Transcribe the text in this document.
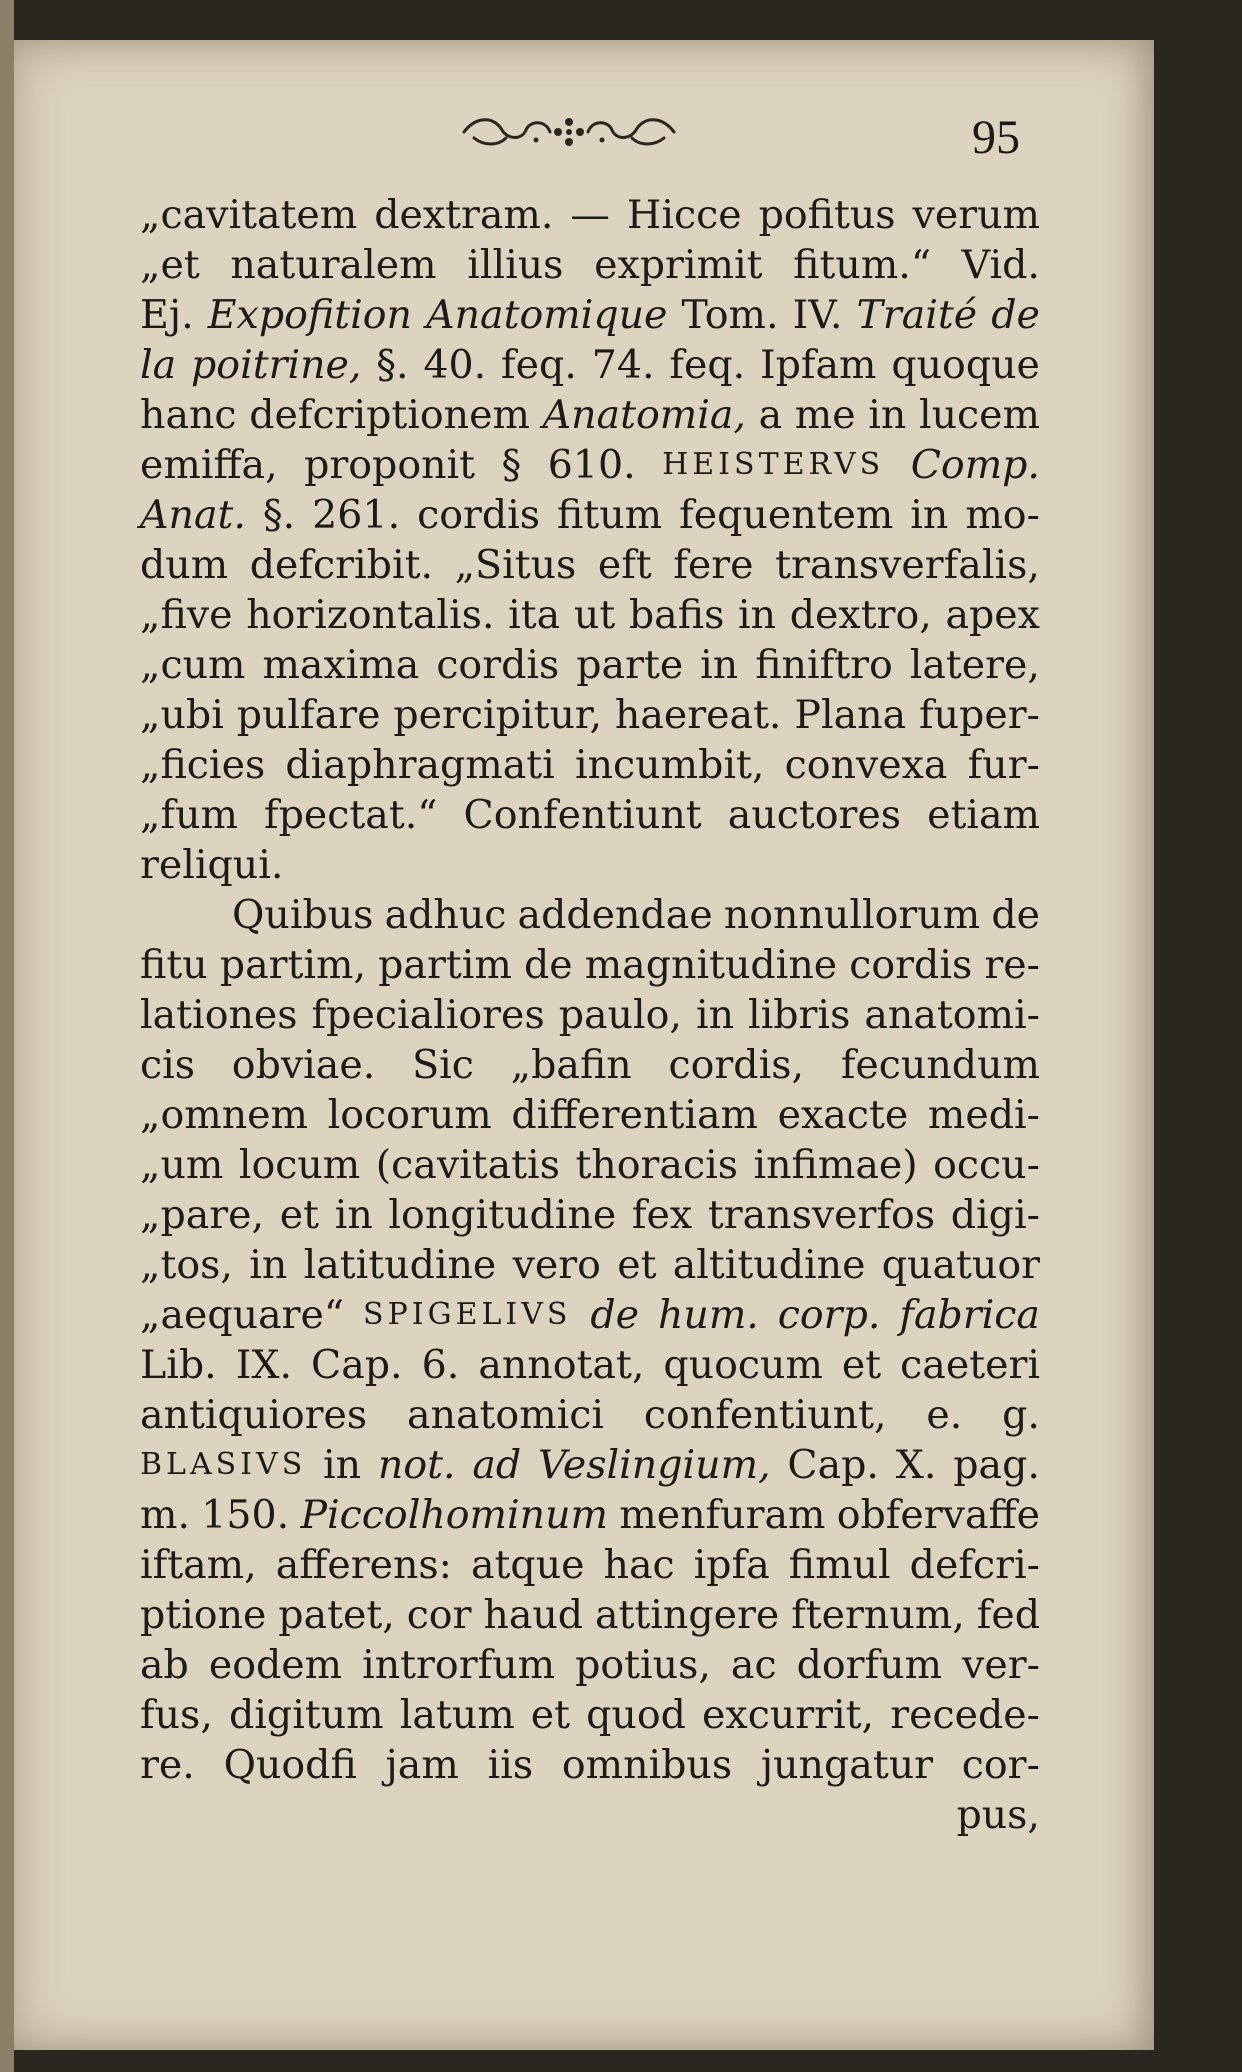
95
„cavitatem dextram. — Hicce pofitus verum
„et naturalem illius exprimit fitum.“ Vid.
Ej. Expofition Anatomique Tom. IV. Traité de
la poitrine, §. 40. feq. 74. feq. Ipfam quoque
hanc defcriptionem Anatomia, a me in lucem
emiffa, proponit § 610. HEISTERVS Comp.
Anat. §. 261. cordis fitum fequentem in mo-
dum defcribit. „Situs eft fere transverfalis,
„five horizontalis. ita ut bafis in dextro, apex
„cum maxima cordis parte in finiftro latere,
„ubi pulfare percipitur, haereat. Plana fuper-
„ficies diaphragmati incumbit, convexa fur-
„fum fpectat.“ Confentiunt auctores etiam
reliqui.
Quibus adhuc addendae nonnullorum de
fitu partim, partim de magnitudine cordis re-
lationes fpecialiores paulo, in libris anatomi-
cis obviae. Sic „bafin cordis, fecundum
„omnem locorum differentiam exacte medi-
„um locum (cavitatis thoracis infimae) occu-
„pare, et in longitudine fex transverfos digi-
„tos, in latitudine vero et altitudine quatuor
„aequare“ SPIGELIVS de hum. corp. fabrica
Lib. IX. Cap. 6. annotat, quocum et caeteri
antiquiores anatomici confentiunt, e. g.
BLASIVS in not. ad Veslingium, Cap. X. pag.
m. 150. Piccolhominum menfuram obfervaffe
iftam, afferens: atque hac ipfa fimul defcri-
ptione patet, cor haud attingere fternum, fed
ab eodem introrfum potius, ac dorfum ver-
fus, digitum latum et quod excurrit, recede-
re. Quodfi jam iis omnibus jungatur cor-
pus,
